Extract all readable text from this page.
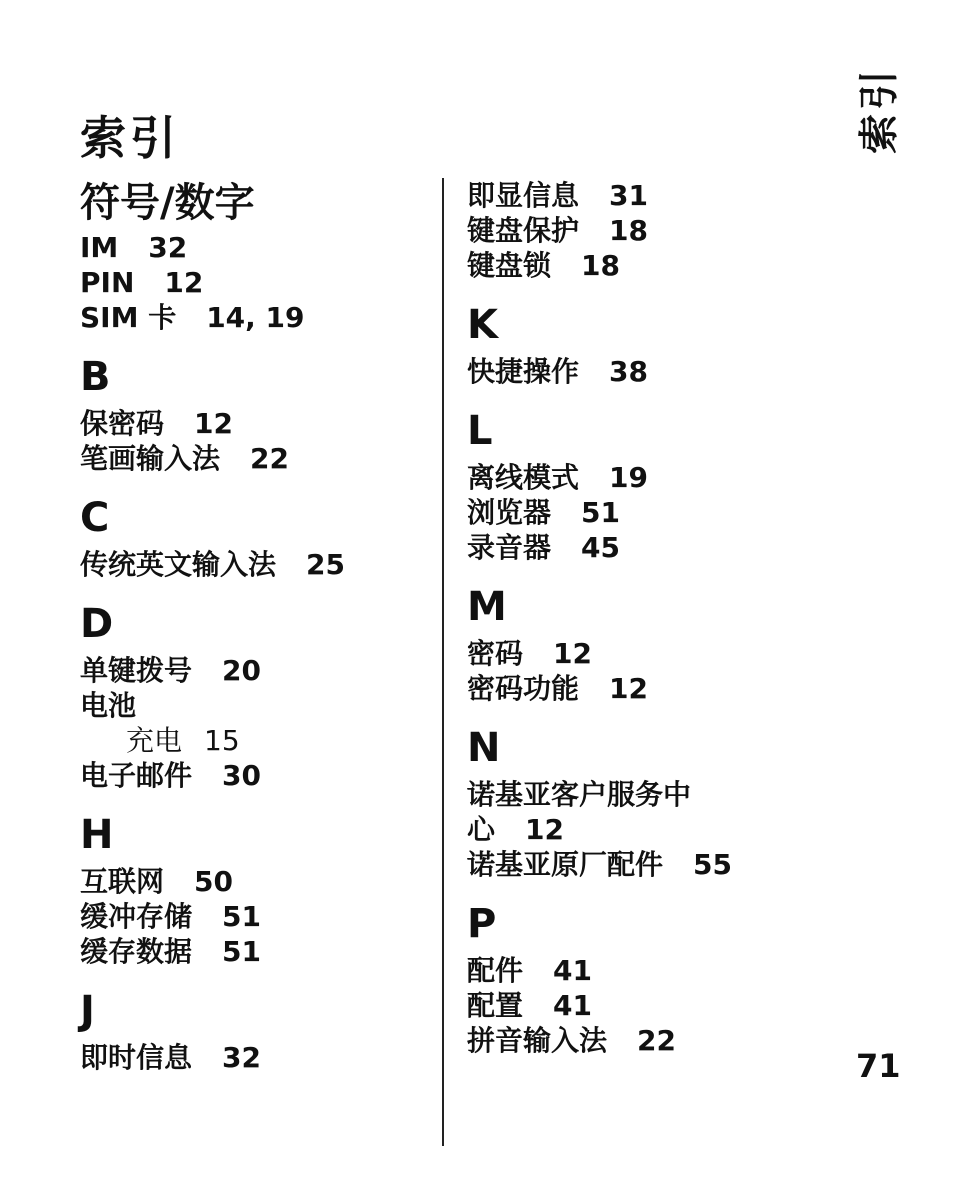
索引	索引
符号/数字
IM 32
PIN 12
SIM 卡 14, 19
B
保密码 12
笔画输入法 22
C
传统英文输入法 25
D
单键拨号 20
电池
充电 15
电子邮件 30
H
互联网 50
缓冲存储 51
缓存数据 51
J
即时信息 32
即显信息 31
键盘保护 18
键盘锁 18
K
快捷操作 38
L
离线模式 19
浏览器 51
录音器 45
M
密码 12
密码功能 12
N
诺基亚客户服务中
心 12
诺基亚原厂配件 55
P
配件 41
配置 41
拼音输入法 22
71
